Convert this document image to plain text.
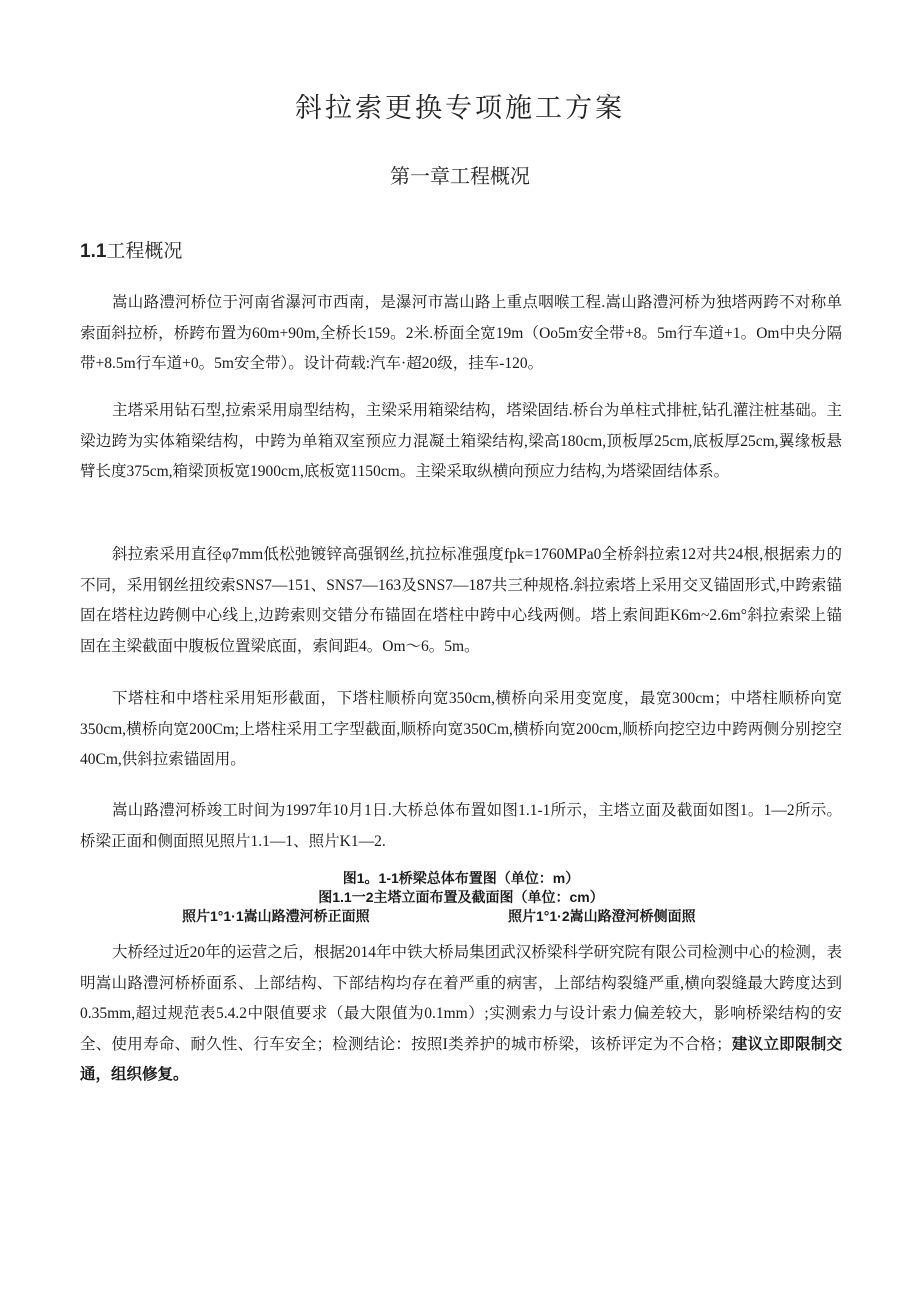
斜拉索更换专项施工方案
第一章工程概况
1.1工程概况

嵩山路澧河桥位于河南省瀑河市西南，是瀑河市嵩山路上重点咽喉工程.嵩山路澧河桥为独塔两跨不对称单索面斜拉桥，桥跨布置为60m+90m,全桥长159。2米.桥面全宽19m（Oo5m安全带+8。5m行车道+1。Om中央分隔带+8.5m行车道+0。5m安全带）。设计荷载:汽车·超20级，挂车-120。

主塔采用钻石型,拉索采用扇型结构，主梁采用箱梁结构，塔梁固结.桥台为单柱式排桩,钻孔灌注桩基础。主梁边跨为实体箱梁结构，中跨为单箱双室预应力混凝土箱梁结构,梁高180cm,顶板厚25cm,底板厚25cm,翼缘板悬臂长度375cm,箱梁顶板宽1900cm,底板宽1150cm。主梁采取纵横向预应力结构,为塔梁固结体系。

斜拉索采用直径φ7mm低松弛镀锌高强钢丝,抗拉标准强度fpk=1760MPa0全桥斜拉索12对共24根,根据索力的不同，采用钢丝扭绞索SNS7—151、SNS7—163及SNS7—187共三种规格.斜拉索塔上采用交叉锚固形式,中跨索锚固在塔柱边跨侧中心线上,边跨索则交错分布锚固在塔柱中跨中心线两侧。塔上索间距K6m~2.6m°斜拉索梁上锚固在主梁截面中腹板位置梁底面，索间距4。Om～6。5m。

下塔柱和中塔柱采用矩形截面，下塔柱顺桥向宽350cm,横桥向采用变宽度，最宽300cm；中塔柱顺桥向宽350cm,横桥向宽200Cm;上塔柱采用工字型截面,顺桥向宽350Cm,横桥向宽200cm,顺桥向挖空边中跨两侧分别挖空40Cm,供斜拉索锚固用。

嵩山路澧河桥竣工时间为1997年10月1日.大桥总体布置如图1.1-1所示，主塔立面及截面如图1。1—2所示。桥梁正面和侧面照见照片1.1—1、照片K1—2.

图1。1-1桥梁总体布置图（单位：m）
图1.1一2主塔立面布置及截面图（单位：cm）
照片1°1·1嵩山路澧河桥正面照	照片1°1·2嵩山路澄河桥侧面照

大桥经过近20年的运营之后，根据2014年中铁大桥局集团武汉桥梁科学研究院有限公司检测中心的检测，表明嵩山路澧河桥桥面系、上部结构、下部结构均存在着严重的病害，上部结构裂缝严重,横向裂缝最大跨度达到0.35mm,超过规范表5.4.2中限值要求（最大限值为0.1mm）;实测索力与设计索力偏差较大，影响桥梁结构的安全、使用寿命、耐久性、行车安全；检测结论：按照I类养护的城市桥梁，该桥评定为不合格；建议立即限制交通，组织修复。
